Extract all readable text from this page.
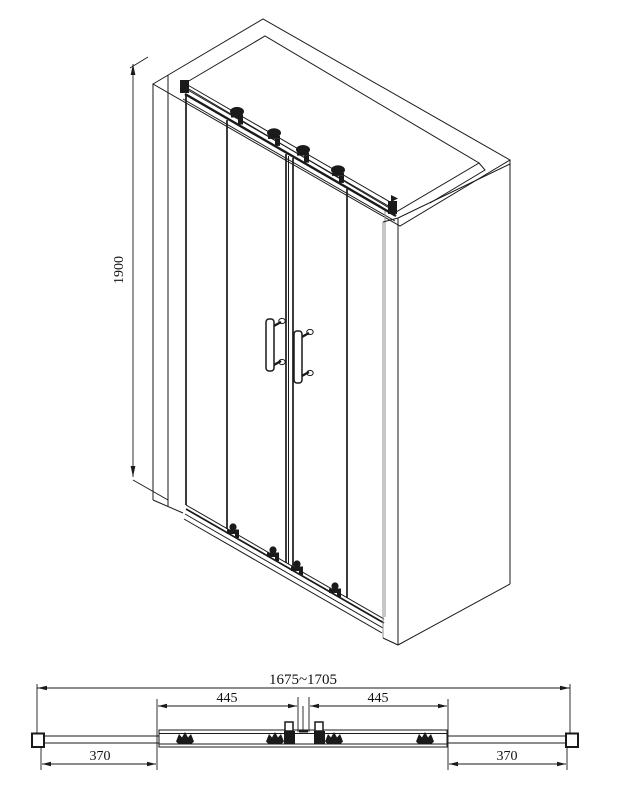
1900
1675~1705
445	445
370	370
